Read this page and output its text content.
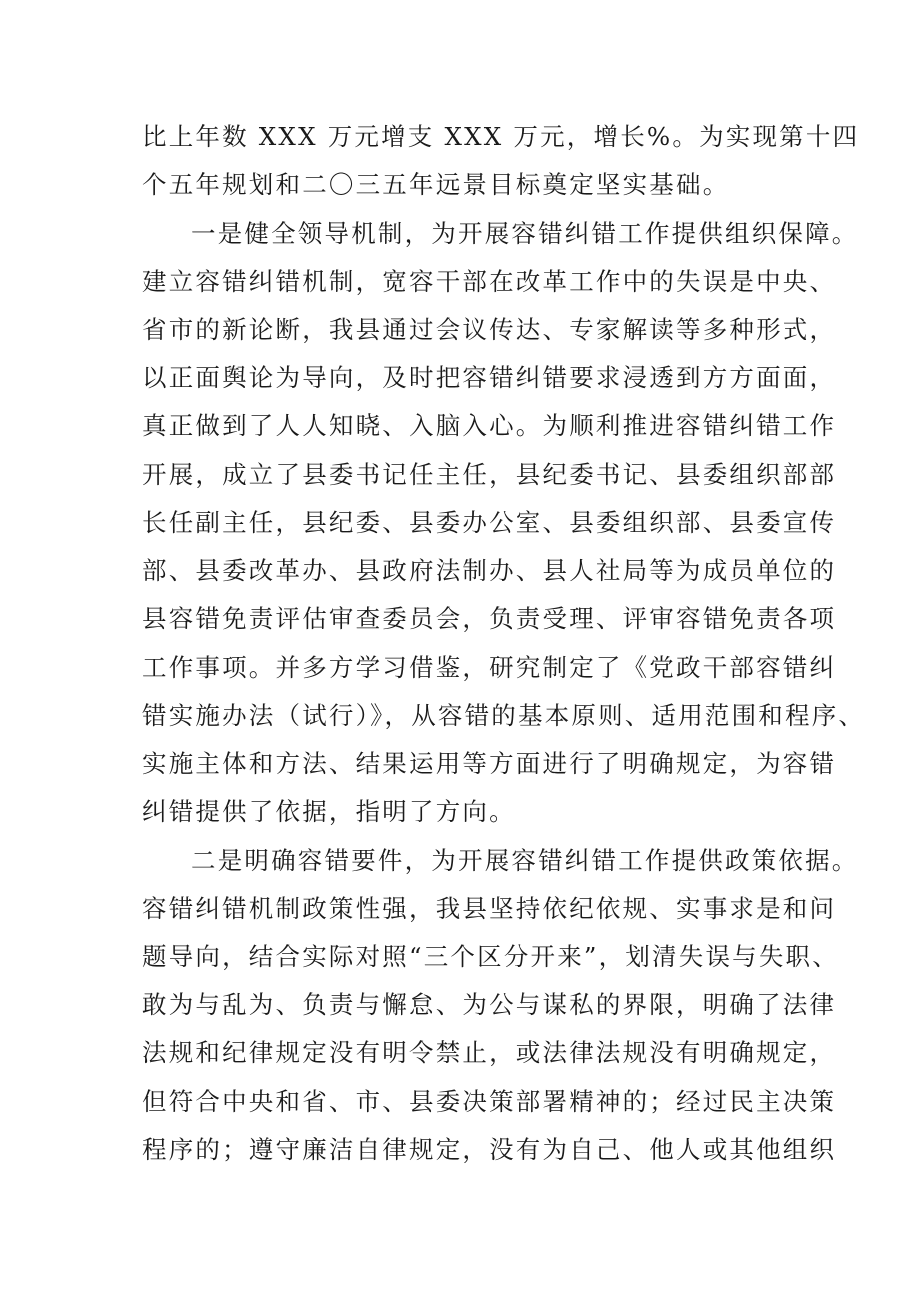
比上年数 XXX 万元增支 XXX 万元，增长%。为实现第十四
个五年规划和二〇三五年远景目标奠定坚实基础。
一是健全领导机制，为开展容错纠错工作提供组织保障。
建立容错纠错机制，宽容干部在改革工作中的失误是中央、
省市的新论断，我县通过会议传达、专家解读等多种形式，
以正面舆论为导向，及时把容错纠错要求浸透到方方面面，
真正做到了人人知晓、入脑入心。为顺利推进容错纠错工作
开展，成立了县委书记任主任，县纪委书记、县委组织部部
长任副主任，县纪委、县委办公室、县委组织部、县委宣传
部、县委改革办、县政府法制办、县人社局等为成员单位的
县容错免责评估审查委员会，负责受理、评审容错免责各项
工作事项。并多方学习借鉴，研究制定了《党政干部容错纠
错实施办法（试行）》，从容错的基本原则、适用范围和程序、
实施主体和方法、结果运用等方面进行了明确规定，为容错
纠错提供了依据，指明了方向。
二是明确容错要件，为开展容错纠错工作提供政策依据。
容错纠错机制政策性强，我县坚持依纪依规、实事求是和问
题导向，结合实际对照“三个区分开来”，划清失误与失职、
敢为与乱为、负责与懈怠、为公与谋私的界限，明确了法律
法规和纪律规定没有明令禁止，或法律法规没有明确规定，
但符合中央和省、市、县委决策部署精神的；经过民主决策
程序的；遵守廉洁自律规定，没有为自己、他人或其他组织
